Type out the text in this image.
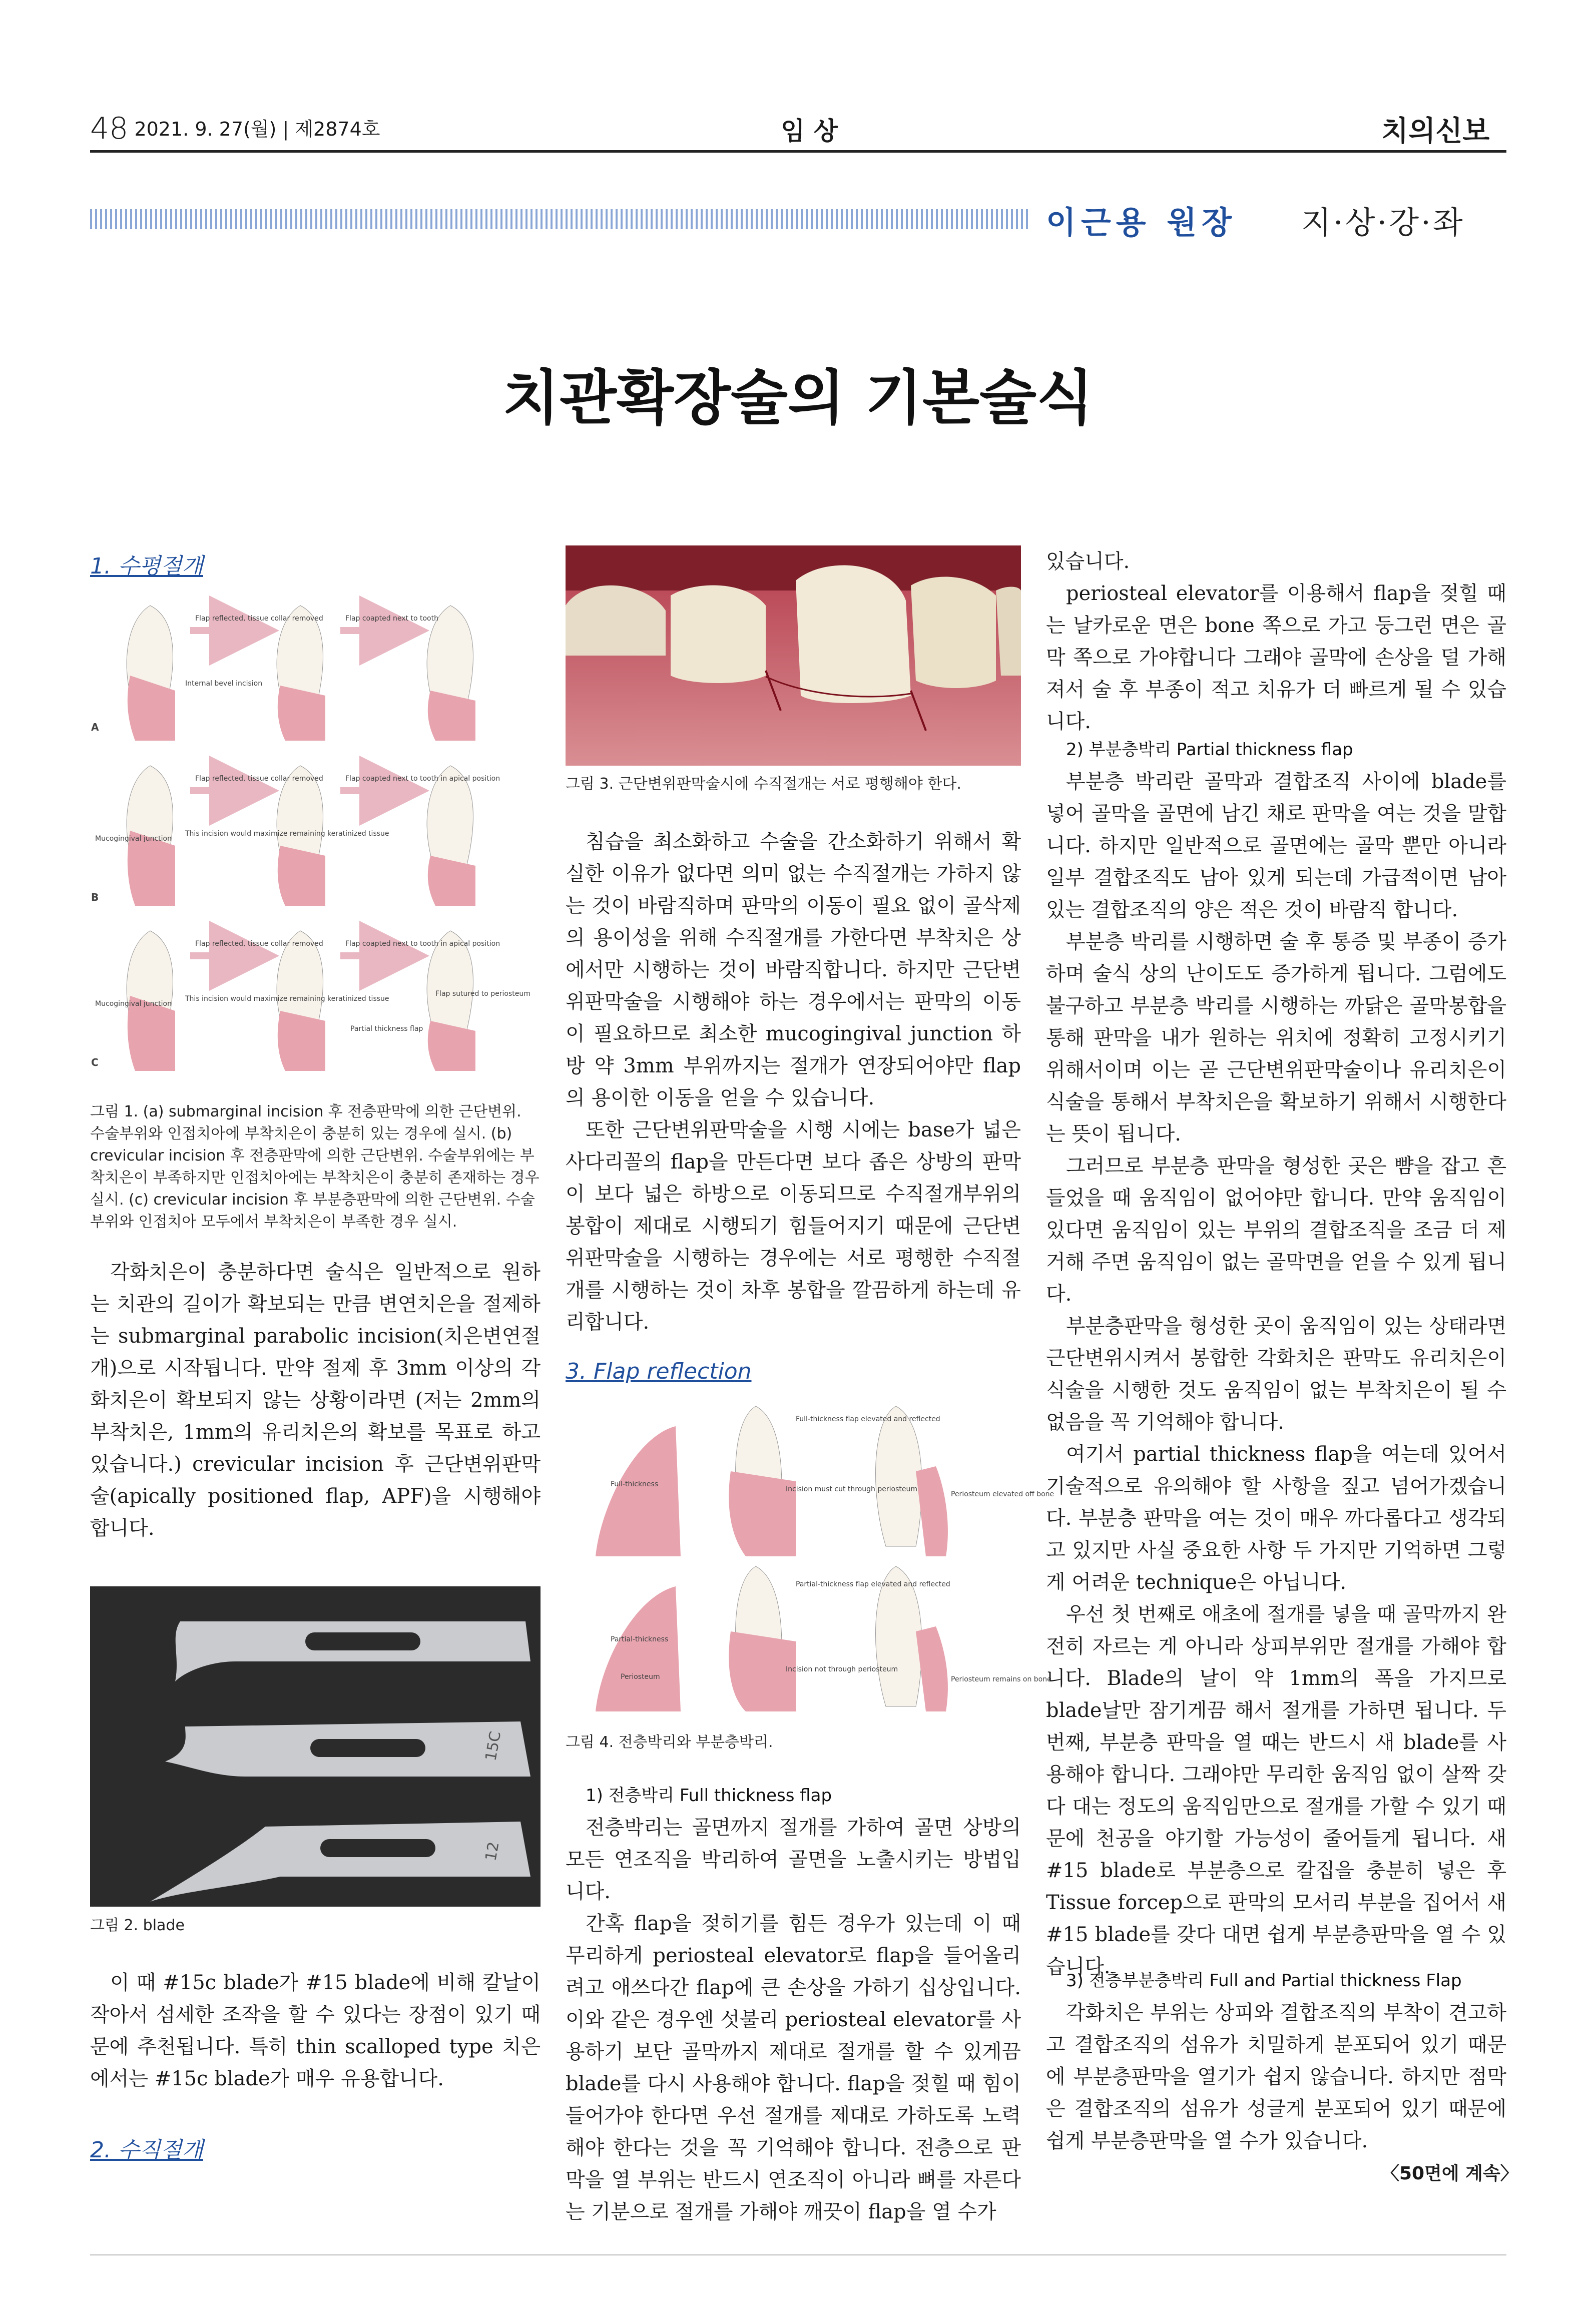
48 2021. 9. 27(월) | 제2874호	임 상	치의신보
이근용 원장 지·상·강·좌
치관확장술의 기본술식
1. 수평절개
A
Flap reflected, tissue collar removed	Flap coapted next to tooth
Internal bevel incision
B
Flap reflected, tissue collar removed	Flap coapted next to tooth in apical position
Mucogingival junction
This incision would maximize remaining keratinized tissue
C
Flap reflected, tissue collar removed	Flap coapted next to tooth in apical position
Mucogingival junction
This incision would maximize remaining keratinized tissue
Flap sutured to periosteum
Partial thickness flap
그림 1. (a) submarginal incision 후 전층판막에 의한 근단변위. 수술부위와 인접치아에 부착치은이 충분히 있는 경우에 실시. (b) crevicular incision 후 전층판막에 의한 근단변위. 수술부위에는 부착치은이 부족하지만 인접치아에는 부착치은이 충분히 존재하는 경우 실시. (c) crevicular incision 후 부분층판막에 의한 근단변위. 수술부위와 인접치아 모두에서 부착치은이 부족한 경우 실시.

각화치은이 충분하다면 술식은 일반적으로 원하는 치관의 길이가 확보되는 만큼 변연치은을 절제하는 submarginal parabolic incision(치은변연절개)으로 시작됩니다. 만약 절제 후 3mm 이상의 각화치은이 확보되지 않는 상황이라면 (저는 2mm의 부착치은, 1mm의 유리치은의 확보를 목표로 하고 있습니다.) crevicular incision 후 근단변위판막술(apically positioned flap, APF)을 시행해야 합니다.

15C
12
그림 2. blade

이 때 #15c blade가 #15 blade에 비해 칼날이 작아서 섬세한 조작을 할 수 있다는 장점이 있기 때문에 추천됩니다. 특히 thin scalloped type 치은에서는 #15c blade가 매우 유용합니다.

2. 수직절개
그림 3. 근단변위판막술시에 수직절개는 서로 평행해야 한다.

침습을 최소화하고 수술을 간소화하기 위해서 확실한 이유가 없다면 의미 없는 수직절개는 가하지 않는 것이 바람직하며 판막의 이동이 필요 없이 골삭제의 용이성을 위해 수직절개를 가한다면 부착치은 상에서만 시행하는 것이 바람직합니다. 하지만 근단변위판막술을 시행해야 하는 경우에서는 판막의 이동이 필요하므로 최소한 mucogingival junction 하방 약 3mm 부위까지는 절개가 연장되어야만 flap의 용이한 이동을 얻을 수 있습니다.

또한 근단변위판막술을 시행 시에는 base가 넓은 사다리꼴의 flap을 만든다면 보다 좁은 상방의 판막이 보다 넓은 하방으로 이동되므로 수직절개부위의 봉합이 제대로 시행되기 힘들어지기 때문에 근단변위판막술을 시행하는 경우에는 서로 평행한 수직절개를 시행하는 것이 차후 봉합을 깔끔하게 하는데 유리합니다.

3. Flap reflection
Full-thickness flap elevated and reflected
Full-thickness
Incision must cut through periosteum
Periosteum elevated off bone
Partial-thickness flap elevated and reflected
Partial-thickness
Periosteum
Incision not through periosteum
Periosteum remains on bone
그림 4. 전층박리와 부분층박리.
1) 전층박리 Full thickness flap

전층박리는 골면까지 절개를 가하여 골면 상방의 모든 연조직을 박리하여 골면을 노출시키는 방법입니다.

간혹 flap을 젖히기를 힘든 경우가 있는데 이 때 무리하게 periosteal elevator로 flap을 들어올리려고 애쓰다간 flap에 큰 손상을 가하기 십상입니다. 이와 같은 경우엔 섯불리 periosteal elevator를 사용하기 보단 골막까지 제대로 절개를 할 수 있게끔 blade를 다시 사용해야 합니다. flap을 젖힐 때 힘이 들어가야 한다면 우선 절개를 제대로 가하도록 노력해야 한다는 것을 꼭 기억해야 합니다. 전층으로 판막을 열 부위는 반드시 연조직이 아니라 뼈를 자른다는 기분으로 절개를 가해야 깨끗이 flap을 열 수가

있습니다.

periosteal elevator를 이용해서 flap을 젖힐 때는 날카로운 면은 bone 쪽으로 가고 둥그런 면은 골막 쪽으로 가야합니다 그래야 골막에 손상을 덜 가해져서 술 후 부종이 적고 치유가 더 빠르게 될 수 있습니다.

2) 부분층박리 Partial thickness flap

부분층 박리란 골막과 결합조직 사이에 blade를 넣어 골막을 골면에 남긴 채로 판막을 여는 것을 말합니다. 하지만 일반적으로 골면에는 골막 뿐만 아니라 일부 결합조직도 남아 있게 되는데 가급적이면 남아 있는 결합조직의 양은 적은 것이 바람직 합니다.

부분층 박리를 시행하면 술 후 통증 및 부종이 증가하며 술식 상의 난이도도 증가하게 됩니다. 그럼에도 불구하고 부분층 박리를 시행하는 까닭은 골막봉합을 통해 판막을 내가 원하는 위치에 정확히 고정시키기 위해서이며 이는 곧 근단변위판막술이나 유리치은이식술을 통해서 부착치은을 확보하기 위해서 시행한다는 뜻이 됩니다.

그러므로 부분층 판막을 형성한 곳은 뺨을 잡고 흔들었을 때 움직임이 없어야만 합니다. 만약 움직임이 있다면 움직임이 있는 부위의 결합조직을 조금 더 제거해 주면 움직임이 없는 골막면을 얻을 수 있게 됩니다.

부분층판막을 형성한 곳이 움직임이 있는 상태라면 근단변위시켜서 봉합한 각화치은 판막도 유리치은이식술을 시행한 것도 움직임이 없는 부착치은이 될 수 없음을 꼭 기억해야 합니다.

여기서 partial thickness flap을 여는데 있어서 기술적으로 유의해야 할 사항을 짚고 넘어가겠습니다. 부분층 판막을 여는 것이 매우 까다롭다고 생각되고 있지만 사실 중요한 사항 두 가지만 기억하면 그렇게 어려운 technique은 아닙니다.

우선 첫 번째로 애초에 절개를 넣을 때 골막까지 완전히 자르는 게 아니라 상피부위만 절개를 가해야 합니다. Blade의 날이 약 1mm의 폭을 가지므로 blade날만 잠기게끔 해서 절개를 가하면 됩니다. 두 번째, 부분층 판막을 열 때는 반드시 새 blade를 사용해야 합니다. 그래야만 무리한 움직임 없이 살짝 갖다 대는 정도의 움직임만으로 절개를 가할 수 있기 때문에 천공을 야기할 가능성이 줄어들게 됩니다. 새 #15 blade로 부분층으로 칼집을 충분히 넣은 후 Tissue forcep으로 판막의 모서리 부분을 집어서 새 #15 blade를 갖다 대면 쉽게 부분층판막을 열 수 있습니다.

3) 전층부분층박리 Full and Partial thickness Flap

각화치은 부위는 상피와 결합조직의 부착이 견고하고 결합조직의 섬유가 치밀하게 분포되어 있기 때문에 부분층판막을 열기가 쉽지 않습니다. 하지만 점막은 결합조직의 섬유가 성글게 분포되어 있기 때문에 쉽게 부분층판막을 열 수가 있습니다.

〈50면에 계속〉
